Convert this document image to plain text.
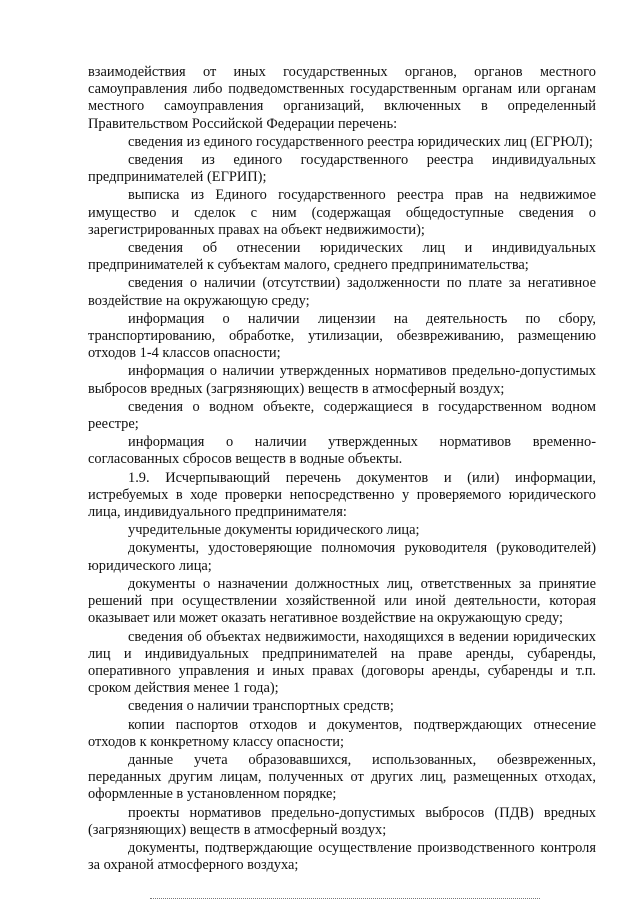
взаимодействия от иных государственных органов, органов местного самоуправления либо подведомственных государственным органам или органам местного самоуправления организаций, включенных в определенный Правительством Российской Федерации перечень:

сведения из единого государственного реестра юридических лиц (ЕГРЮЛ);

сведения из единого государственного реестра индивидуальных предпринимателей (ЕГРИП);

выписка из Единого государственного реестра прав на недвижимое имущество и сделок с ним (содержащая общедоступные сведения о зарегистрированных правах на объект недвижимости);

сведения об отнесении юридических лиц и индивидуальных предпринимателей к субъектам малого, среднего предпринимательства;

сведения о наличии (отсутствии) задолженности по плате за негативное воздействие на окружающую среду;

информация о наличии лицензии на деятельность по сбору, транспортированию, обработке, утилизации, обезвреживанию, размещению отходов 1-4 классов опасности;

информация о наличии утвержденных нормативов предельно-допустимых выбросов вредных (загрязняющих) веществ в атмосферный воздух;

сведения о водном объекте, содержащиеся в государственном водном реестре;

информация о наличии утвержденных нормативов временно-согласованных сбросов веществ в водные объекты.

1.9. Исчерпывающий перечень документов и (или) информации, истребуемых в ходе проверки непосредственно у проверяемого юридического лица, индивидуального предпринимателя:

учредительные документы юридического лица;

документы, удостоверяющие полномочия руководителя (руководителей) юридического лица;

документы о назначении должностных лиц, ответственных за принятие решений при осуществлении хозяйственной или иной деятельности, которая оказывает или может оказать негативное воздействие на окружающую среду;

сведения об объектах недвижимости, находящихся в ведении юридических лиц и индивидуальных предпринимателей на праве аренды, субаренды, оперативного управления и иных правах (договоры аренды, субаренды и т.п. сроком действия менее 1 года);

сведения о наличии транспортных средств;

копии паспортов отходов и документов, подтверждающих отнесение отходов к конкретному классу опасности;

данные учета образовавшихся, использованных, обезвреженных, переданных другим лицам, полученных от других лиц, размещенных отходах, оформленные в установленном порядке;

проекты нормативов предельно-допустимых выбросов (ПДВ) вредных (загрязняющих) веществ в атмосферный воздух;

документы, подтверждающие осуществление производственного контроля за охраной атмосферного воздуха;
